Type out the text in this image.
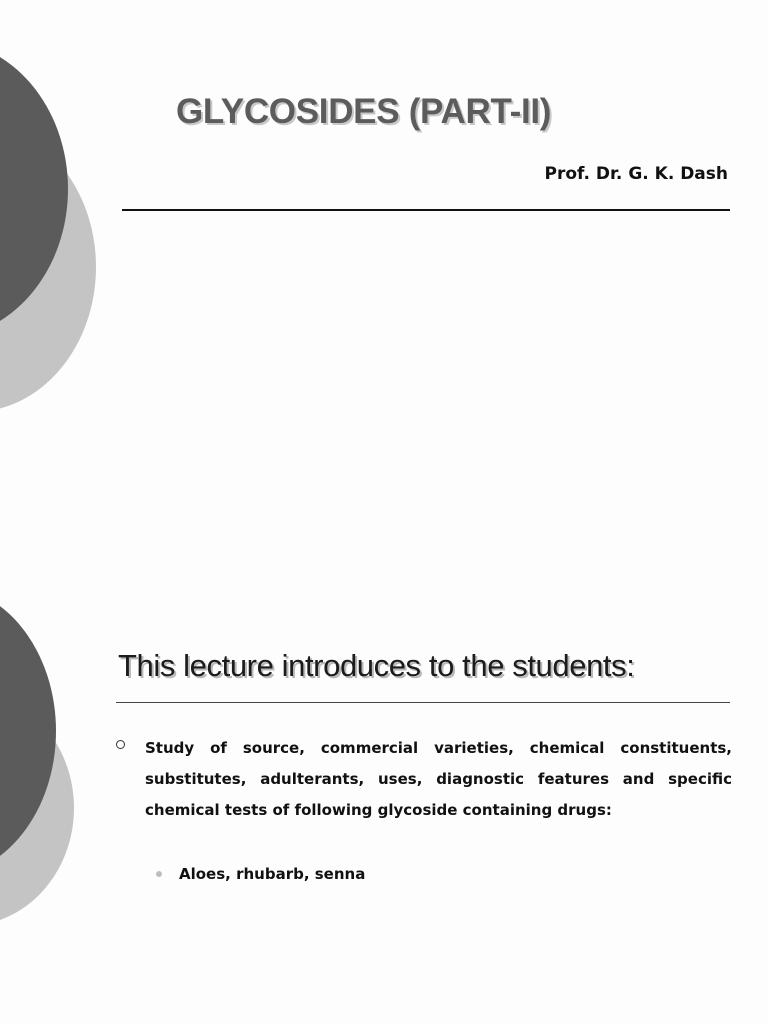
GLYCOSIDES (PART-II)
Prof. Dr. G. K. Dash
This lecture introduces to the students:

Study of source, commercial varieties, chemical constituents, substitutes, adulterants, uses, diagnostic features and specific chemical tests of following glycoside containing drugs:

Aloes, rhubarb, senna
